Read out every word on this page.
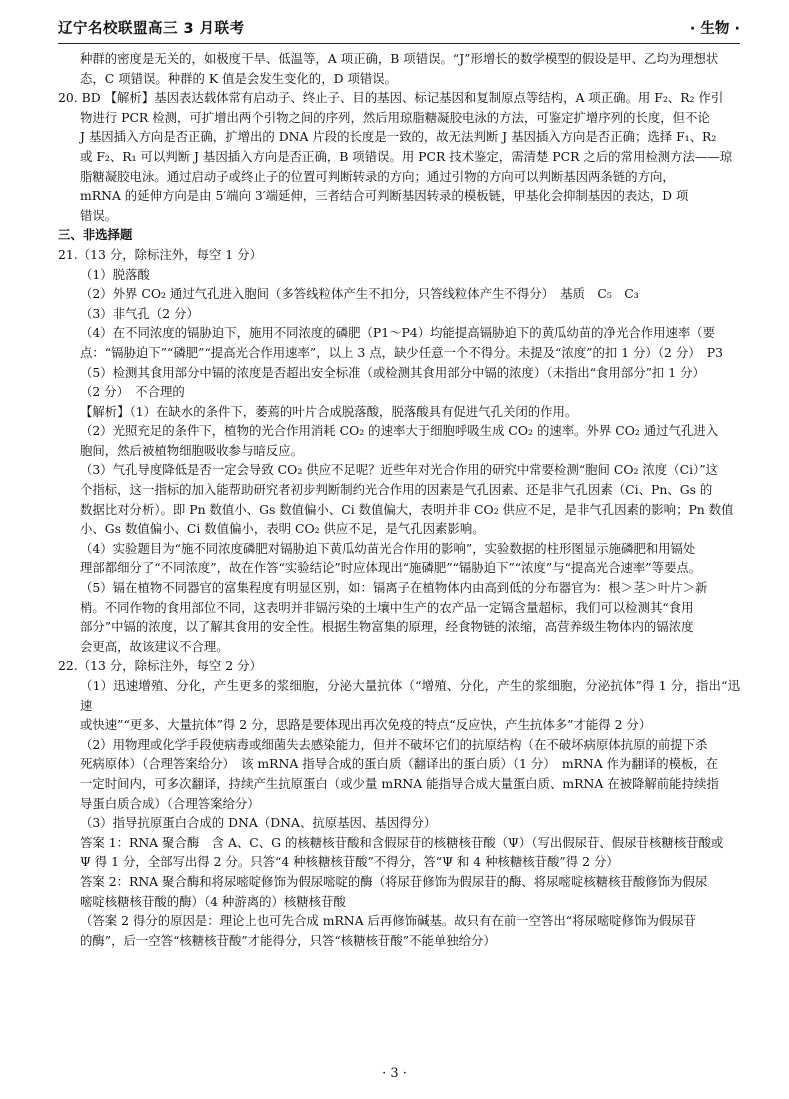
辽宁名校联盟高三 3 月联考	· 生物 ·

种群的密度是无关的，如极度干旱、低温等，A 项正确，B 项错误。“J”形增长的数学模型的假设是甲、乙均为理想状

态，C 项错误。种群的 K 值是会发生变化的，D 项错误。

20. BD 【解析】基因表达载体常有启动子、终止子、目的基因、标记基因和复制原点等结构，A 项正确。用 F₂、R₂ 作引

物进行 PCR 检测，可扩增出两个引物之间的序列，然后用琼脂糖凝胶电泳的方法，可鉴定扩增序列的长度，但不论

J 基因插入方向是否正确，扩增出的 DNA 片段的长度是一致的，故无法判断 J 基因插入方向是否正确；选择 F₁、R₂

或 F₂、R₁ 可以判断 J 基因插入方向是否正确，B 项错误。用 PCR 技术鉴定，需清楚 PCR 之后的常用检测方法——琼

脂糖凝胶电泳。通过启动子或终止子的位置可判断转录的方向；通过引物的方向可以判断基因两条链的方向，

mRNA 的延伸方向是由 5′端向 3′端延伸，三者结合可判断基因转录的模板链，甲基化会抑制基因的表达，D 项

错误。

三、非选择题

21.（13 分，除标注外，每空 1 分）

（1）脱落酸

（2）外界 CO₂ 通过气孔进入胞间（多答线粒体产生不扣分，只答线粒体产生不得分）　基质　C₅　C₃

（3）非气孔（2 分）

（4）在不同浓度的镉胁迫下，施用不同浓度的磷肥（P1～P4）均能提高镉胁迫下的黄瓜幼苗的净光合作用速率（要

点：“镉胁迫下”“磷肥”“提高光合作用速率”，以上 3 点，缺少任意一个不得分。未提及“浓度”的扣 1 分）（2 分）　P3

（5）检测其食用部分中镉的浓度是否超出安全标准（或检测其食用部分中镉的浓度）（未指出“食用部分”扣 1 分）

（2 分）　不合理的

【解析】（1）在缺水的条件下，萎蔫的叶片合成脱落酸，脱落酸具有促进气孔关闭的作用。

（2）光照充足的条件下，植物的光合作用消耗 CO₂ 的速率大于细胞呼吸生成 CO₂ 的速率。外界 CO₂ 通过气孔进入

胞间，然后被植物细胞吸收参与暗反应。

（3）气孔导度降低是否一定会导致 CO₂ 供应不足呢？近些年对光合作用的研究中常要检测“胞间 CO₂ 浓度（Ci）”这

个指标，这一指标的加入能帮助研究者初步判断制约光合作用的因素是气孔因素、还是非气孔因素（Ci、Pn、Gs 的

数据比对分析）。即 Pn 数值小、Gs 数值偏小、Ci 数值偏大，表明并非 CO₂ 供应不足，是非气孔因素的影响；Pn 数值

小、Gs 数值偏小、Ci 数值偏小，表明 CO₂ 供应不足，是气孔因素影响。

（4）实验题目为“施不同浓度磷肥对镉胁迫下黄瓜幼苗光合作用的影响”，实验数据的柱形图显示施磷肥和用镉处

理部都细分了“不同浓度”，故在作答“实验结论”时应体现出“施磷肥”“镉胁迫下”“浓度”与“提高光合速率”等要点。

（5）镉在植物不同器官的富集程度有明显区别，如：镉离子在植物体内由高到低的分布器官为：根＞茎＞叶片＞新

梢。不同作物的食用部位不同，这表明并非镉污染的土壤中生产的农产品一定镉含量超标，我们可以检测其“食用

部分”中镉的浓度，以了解其食用的安全性。根据生物富集的原理，经食物链的浓缩，高营养级生物体内的镉浓度

会更高，故该建议不合理。

22.（13 分，除标注外，每空 2 分）

（1）迅速增殖、分化，产生更多的浆细胞，分泌大量抗体（“增殖、分化，产生的浆细胞，分泌抗体”得 1 分，指出“迅速

或快速”“更多、大量抗体”得 2 分，思路是要体现出再次免疫的特点“反应快，产生抗体多”才能得 2 分）

（2）用物理或化学手段使病毒或细菌失去感染能力，但并不破坏它们的抗原结构（在不破坏病原体抗原的前提下杀

死病原体）（合理答案给分）　该 mRNA 指导合成的蛋白质（翻译出的蛋白质）（1 分）　mRNA 作为翻译的模板，在

一定时间内，可多次翻译，持续产生抗原蛋白（或少量 mRNA 能指导合成大量蛋白质、mRNA 在被降解前能持续指

导蛋白质合成）（合理答案给分）

（3）指导抗原蛋白合成的 DNA（DNA、抗原基因、基因得分）

答案 1：RNA 聚合酶　含 A、C、G 的核糖核苷酸和含假尿苷的核糖核苷酸（Ψ）（写出假尿苷、假尿苷核糖核苷酸或

Ψ 得 1 分，全部写出得 2 分。只答“4 种核糖核苷酸”不得分，答“Ψ 和 4 种核糖核苷酸”得 2 分）

答案 2：RNA 聚合酶和将尿嘧啶修饰为假尿嘧啶的酶（将尿苷修饰为假尿苷的酶、将尿嘧啶核糖核苷酸修饰为假尿

嘧啶核糖核苷酸的酶）（4 种游离的）核糖核苷酸

（答案 2 得分的原因是：理论上也可先合成 mRNA 后再修饰碱基。故只有在前一空答出“将尿嘧啶修饰为假尿苷

的酶”，后一空答“核糖核苷酸”才能得分，只答“核糖核苷酸”不能单独给分）

· 3 ·
